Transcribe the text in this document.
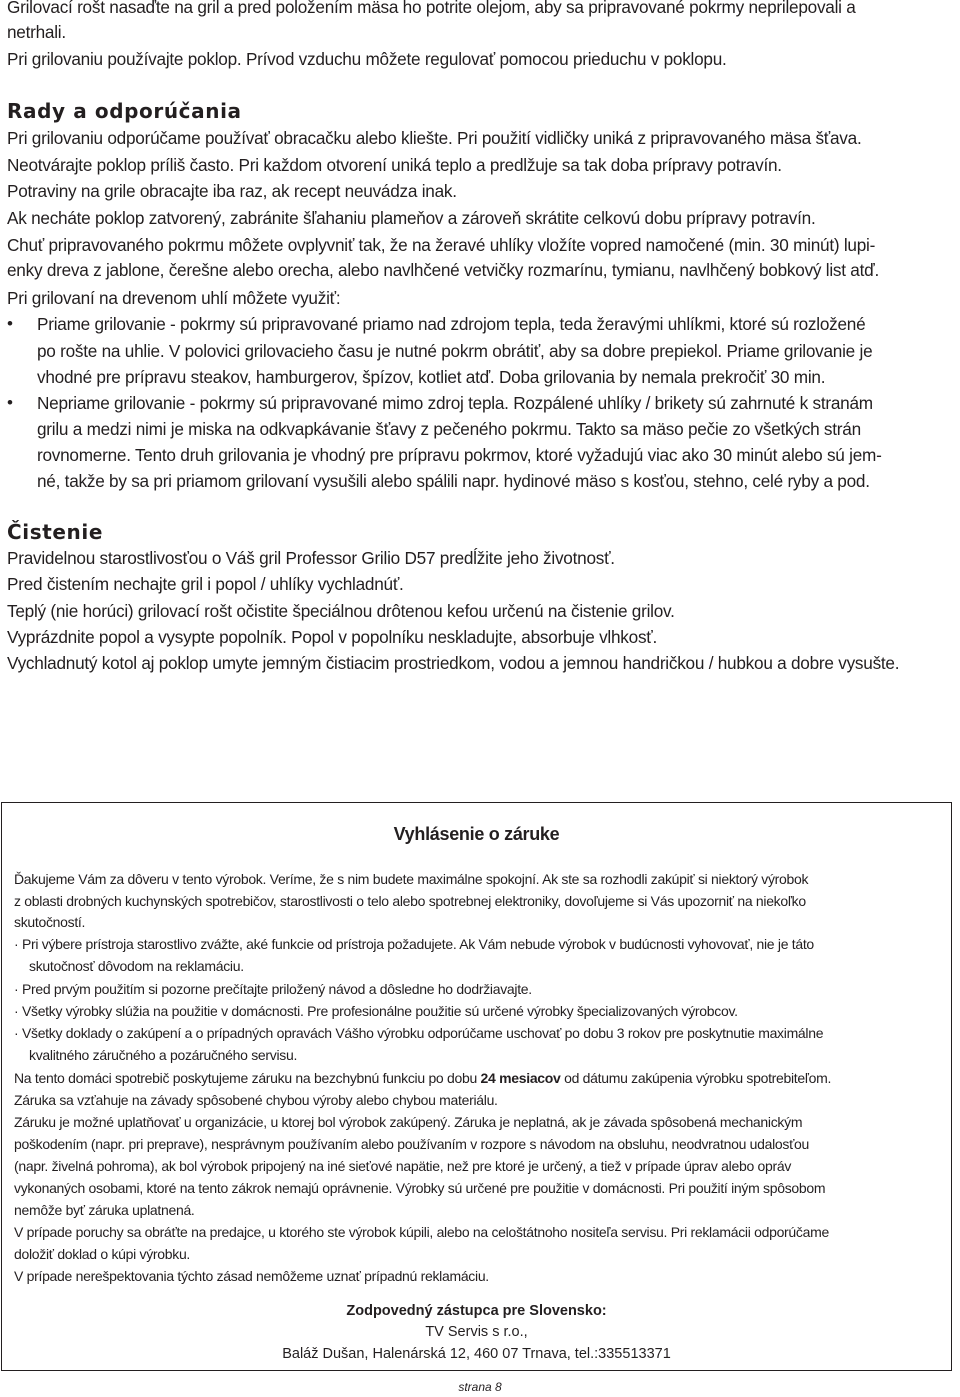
Grilovací rošt nasaďte na gril a pred položením mäsa ho potrite olejom, aby sa pripravované pokrmy neprilepovali a
netrhali.
Pri grilovaniu používajte poklop. Prívod vzduchu môžete regulovať pomocou prieduchu v poklopu.
Rady a odporúčania
Pri grilovaniu odporúčame používať obracačku alebo kliešte. Pri použití vidličky uniká z pripravovaného mäsa šťava.
Neotvárajte poklop príliš často. Pri každom otvorení uniká teplo a predlžuje sa tak doba prípravy potravín.
Potraviny na grile obracajte iba raz, ak recept neuvádza inak.
Ak necháte poklop zatvorený, zabránite šľahaniu plameňov a zároveň skrátite celkovú dobu prípravy potravín.
Chuť pripravovaného pokrmu môžete ovplyvniť tak, že na žeravé uhlíky vložíte vopred namočené (min. 30 minút) lupi-
enky dreva z jablone, čerešne alebo orecha, alebo navlhčené vetvičky rozmarínu, tymianu, navlhčený bobkový list atď.
Pri grilovaní na drevenom uhlí môžete využiť:
• Priame grilovanie - pokrmy sú pripravované priamo nad zdrojom tepla, teda žeravými uhlíkmi, ktoré sú rozložené
po rošte na uhlie. V polovici grilovacieho času je nutné pokrm obrátiť, aby sa dobre prepiekol. Priame grilovanie je
vhodné pre prípravu steakov, hamburgerov, špízov, kotliet atď. Doba grilovania by nemala prekročiť 30 min.
• Nepriame grilovanie - pokrmy sú pripravované mimo zdroj tepla. Rozpálené uhlíky / brikety sú zahrnuté k stranám
grilu a medzi nimi je miska na odkvapkávanie šťavy z pečeného pokrmu. Takto sa mäso pečie zo všetkých strán
rovnomerne. Tento druh grilovania je vhodný pre prípravu pokrmov, ktoré vyžadujú viac ako 30 minút alebo sú jem-
né, takže by sa pri priamom grilovaní vysušili alebo spálili napr. hydinové mäso s kosťou, stehno, celé ryby a pod.
Čistenie
Pravidelnou starostlivosťou o Váš gril Professor Grilio D57 predĺžite jeho životnosť.
Pred čistením nechajte gril i popol / uhlíky vychladnúť.
Teplý (nie horúci) grilovací rošt očistite špeciálnou drôtenou kefou určenú na čistenie grilov.
Vyprázdnite popol a vysypte popolník. Popol v popolníku neskladujte, absorbuje vlhkosť.
Vychladnutý kotol aj poklop umyte jemným čistiacim prostriedkom, vodou a jemnou handričkou / hubkou a dobre vysušte.
Vyhlásenie o záruke
Ďakujeme Vám za dôveru v tento výrobok. Veríme, že s nim budete maximálne spokojní. Ak ste sa rozhodli zakúpiť si niektorý výrobok
z oblasti drobných kuchynských spotrebičov, starostlivosti o telo alebo spotrebnej elektroniky, dovoľujeme si Vás upozorniť na niekoľko
skutočností.
· Pri výbere prístroja starostlivo zvážte, aké funkcie od prístroja požadujete. Ak Vám nebude výrobok v budúcnosti vyhovovať, nie je táto
skutočnosť dôvodom na reklamáciu.
· Pred prvým použitím si pozorne prečítajte priložený návod a dôsledne ho dodržiavajte.
· Všetky výrobky slúžia na použitie v domácnosti. Pre profesionálne použitie sú určené výrobky špecializovaných výrobcov.
· Všetky doklady o zakúpení a o prípadných opravách Vášho výrobku odporúčame uschovať po dobu 3 rokov pre poskytnutie maximálne
kvalitného záručného a pozáručného servisu.
Na tento domáci spotrebič poskytujeme záruku na bezchybnú funkciu po dobu 24 mesiacov od dátumu zakúpenia výrobku spotrebiteľom.
Záruka sa vzťahuje na závady spôsobené chybou výroby alebo chybou materiálu.
Záruku je možné uplatňovať u organizácie, u ktorej bol výrobok zakúpený. Záruka je neplatná, ak je závada spôsobená mechanickým
poškodením (napr. pri preprave), nesprávnym používaním alebo používaním v rozpore s návodom na obsluhu, neodvratnou udalosťou
(napr. živelná pohroma), ak bol výrobok pripojený na iné sieťové napätie, než pre ktoré je určený, a tiež v prípade úprav alebo opráv
vykonaných osobami, ktoré na tento zákrok nemajú oprávnenie. Výrobky sú určené pre použitie v domácnosti. Pri použití iným spôsobom
nemôže byť záruka uplatnená.
V prípade poruchy sa obráťte na predajce, u ktorého ste výrobok kúpili, alebo na celoštátnoho nositeľa servisu. Pri reklamácii odporúčame
doložiť doklad o kúpi výrobku.
V prípade nerešpektovania týchto zásad nemôžeme uznať prípadnú reklamáciu.
Zodpovedný zástupca pre Slovensko:
TV Servis s r.o.,
Baláž Dušan, Halenárská 12, 460 07 Trnava, tel.:335513371
strana 8
